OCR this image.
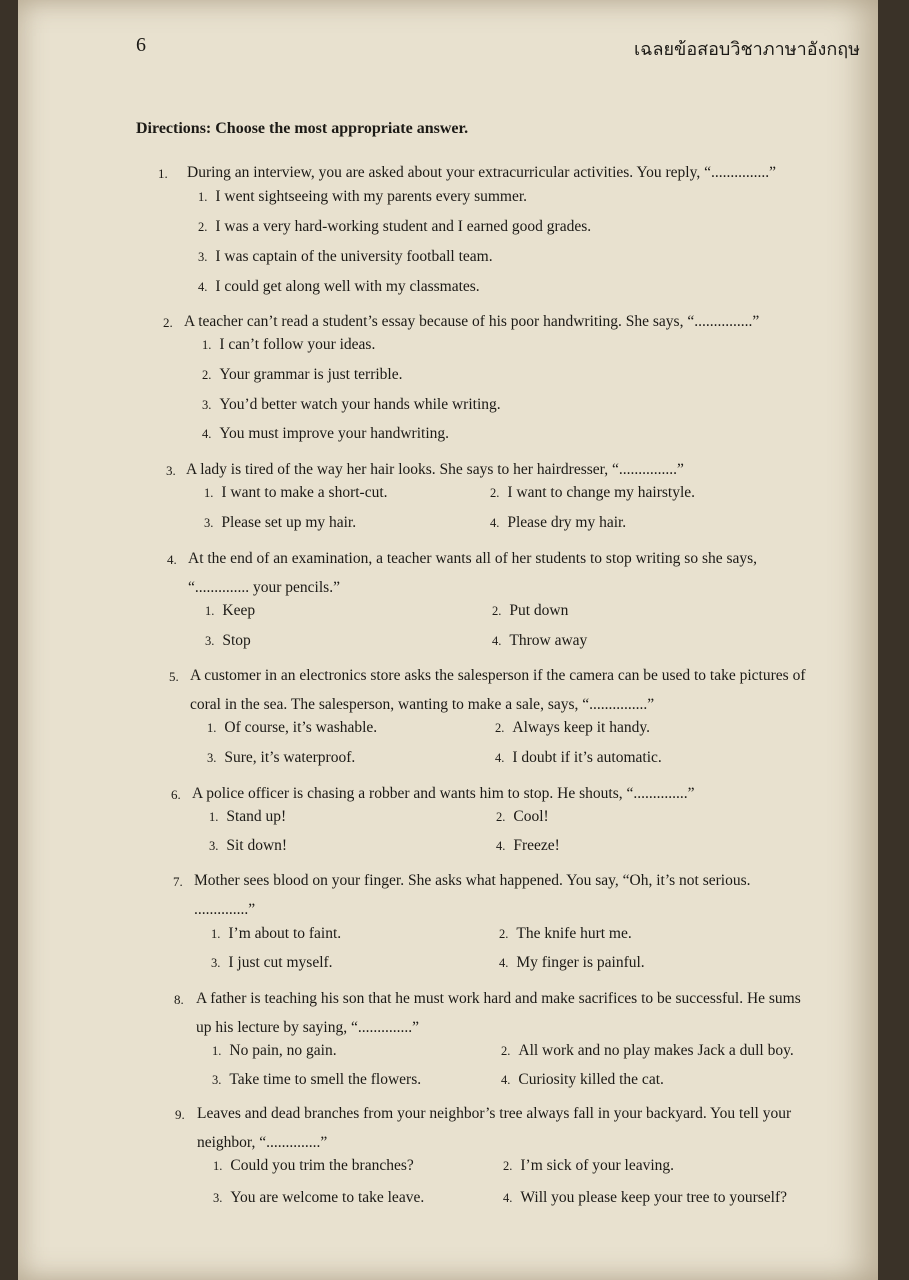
6	เฉลยข้อสอบวิชาภาษาอังกฤษ
Directions: Choose the most appropriate answer.
1. During an interview, you are asked about your extracurricular activities. You reply, “...............”
1. I went sightseeing with my parents every summer.
2. I was a very hard-working student and I earned good grades.
3. I was captain of the university football team.
4. I could get along well with my classmates.
2. A teacher can’t read a student’s essay because of his poor handwriting. She says, “...............”
1. I can’t follow your ideas.
2. Your grammar is just terrible.
3. You’d better watch your hands while writing.
4. You must improve your handwriting.
3. A lady is tired of the way her hair looks. She says to her hairdresser, “...............”
1. I want to make a short-cut.	2. I want to change my hairstyle.
3. Please set up my hair.	4. Please dry my hair.
4. At the end of an examination, a teacher wants all of her students to stop writing so she says,
“.............. your pencils.”
1. Keep	2. Put down
3. Stop	4. Throw away
5. A customer in an electronics store asks the salesperson if the camera can be used to take pictures of
coral in the sea. The salesperson, wanting to make a sale, says, “...............”
1. Of course, it’s washable.	2. Always keep it handy.
3. Sure, it’s waterproof.	4. I doubt if it’s automatic.
6. A police officer is chasing a robber and wants him to stop. He shouts, “..............”
1. Stand up!	2. Cool!
3. Sit down!	4. Freeze!
7. Mother sees blood on your finger. She asks what happened. You say, “Oh, it’s not serious.
..............”
1. I’m about to faint.	2. The knife hurt me.
3. I just cut myself.	4. My finger is painful.
8. A father is teaching his son that he must work hard and make sacrifices to be successful. He sums
up his lecture by saying, “..............”
1. No pain, no gain.	2. All work and no play makes Jack a dull boy.
3. Take time to smell the flowers.	4. Curiosity killed the cat.
9. Leaves and dead branches from your neighbor’s tree always fall in your backyard. You tell your
neighbor, “..............”
1. Could you trim the branches?	2. I’m sick of your leaving.
3. You are welcome to take leave.	4. Will you please keep your tree to yourself?
